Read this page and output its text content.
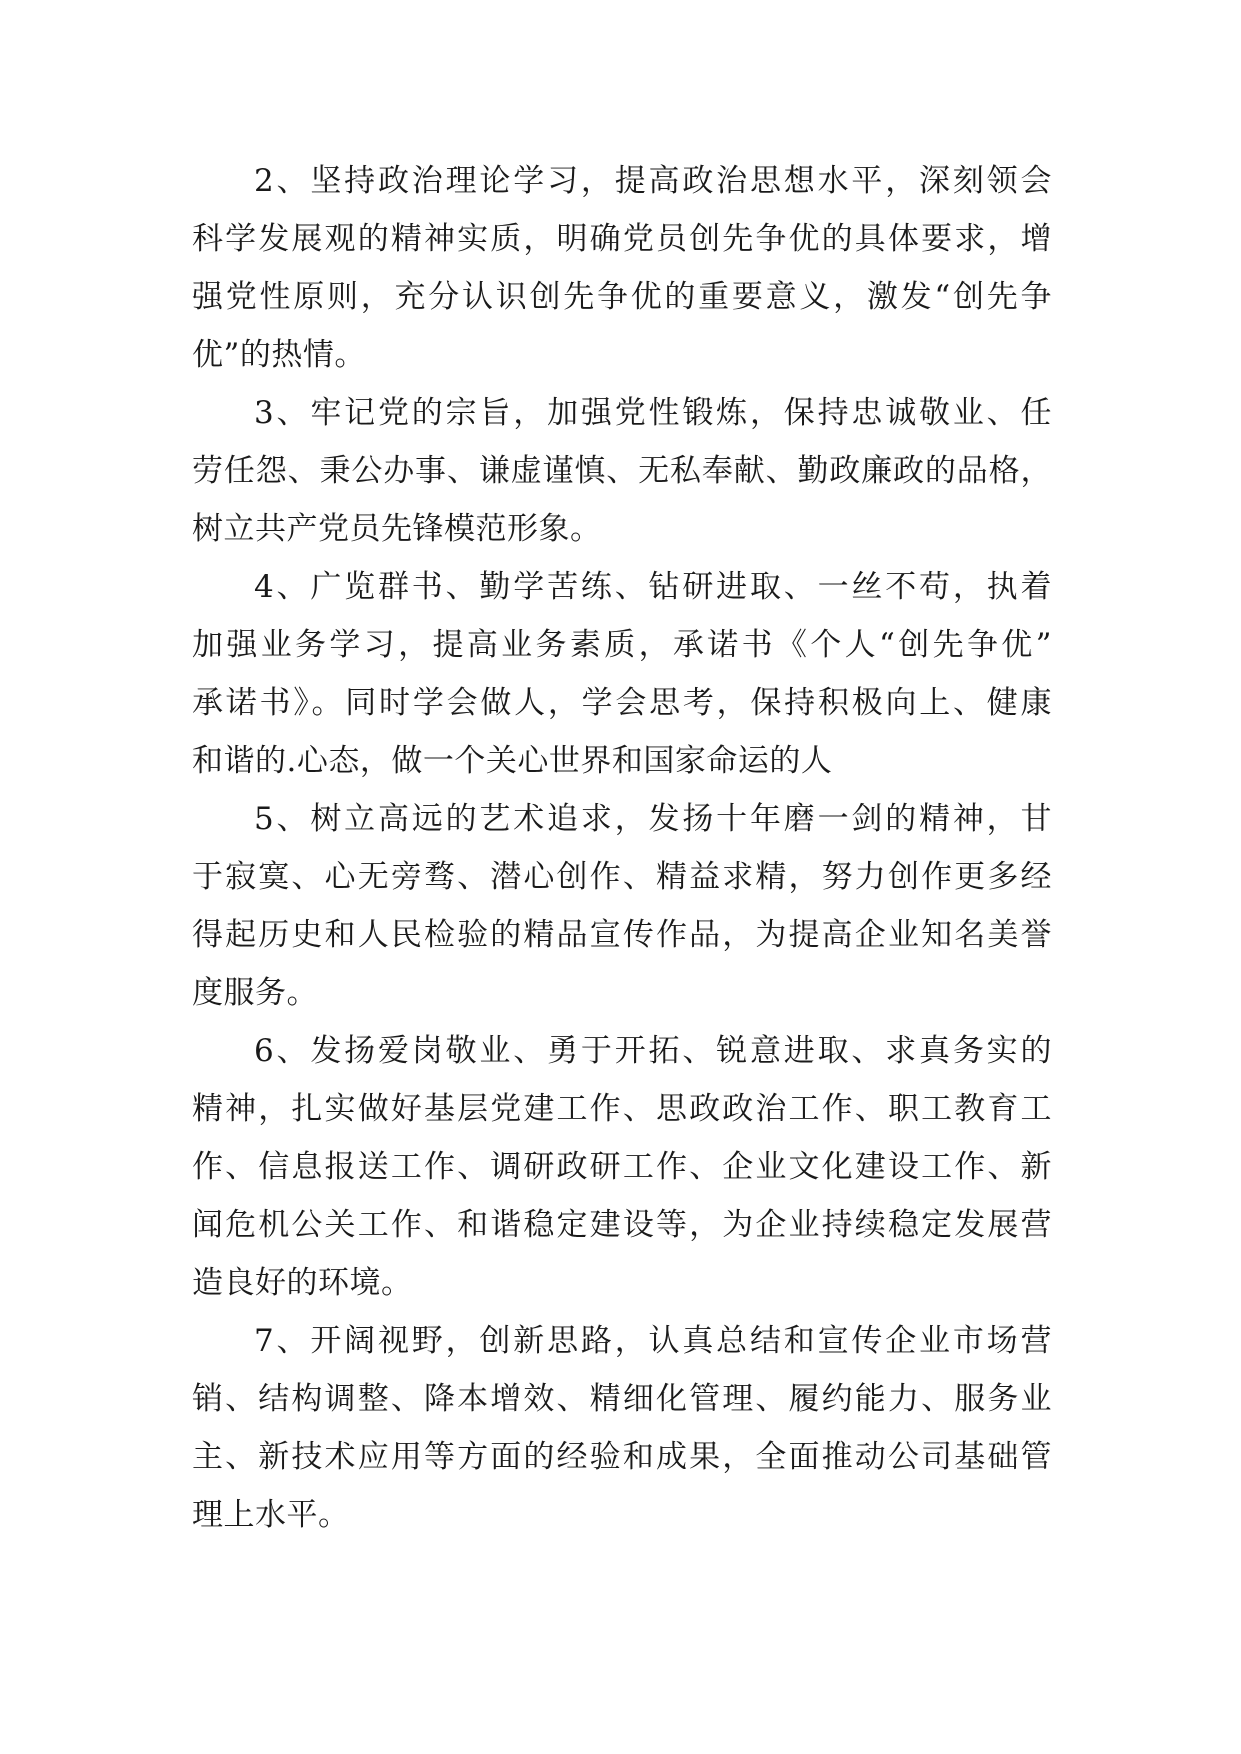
2、坚持政治理论学习，提高政治思想水平，深刻领会
科学发展观的精神实质，明确党员创先争优的具体要求，增
强党性原则，充分认识创先争优的重要意义，激发“创先争
优”的热情。
3、牢记党的宗旨，加强党性锻炼，保持忠诚敬业、任
劳任怨、秉公办事、谦虚谨慎、无私奉献、勤政廉政的品格，
树立共产党员先锋模范形象。
4、广览群书、勤学苦练、钻研进取、一丝不苟，执着
加强业务学习，提高业务素质，承诺书《个人“创先争优”
承诺书》。同时学会做人，学会思考，保持积极向上、健康
和谐的.心态，做一个关心世界和国家命运的人
5、树立高远的艺术追求，发扬十年磨一剑的精神，甘
于寂寞、心无旁骛、潜心创作、精益求精，努力创作更多经
得起历史和人民检验的精品宣传作品，为提高企业知名美誉
度服务。
6、发扬爱岗敬业、勇于开拓、锐意进取、求真务实的
精神，扎实做好基层党建工作、思政政治工作、职工教育工
作、信息报送工作、调研政研工作、企业文化建设工作、新
闻危机公关工作、和谐稳定建设等，为企业持续稳定发展营
造良好的环境。
7、开阔视野，创新思路，认真总结和宣传企业市场营
销、结构调整、降本增效、精细化管理、履约能力、服务业
主、新技术应用等方面的经验和成果，全面推动公司基础管
理上水平。
